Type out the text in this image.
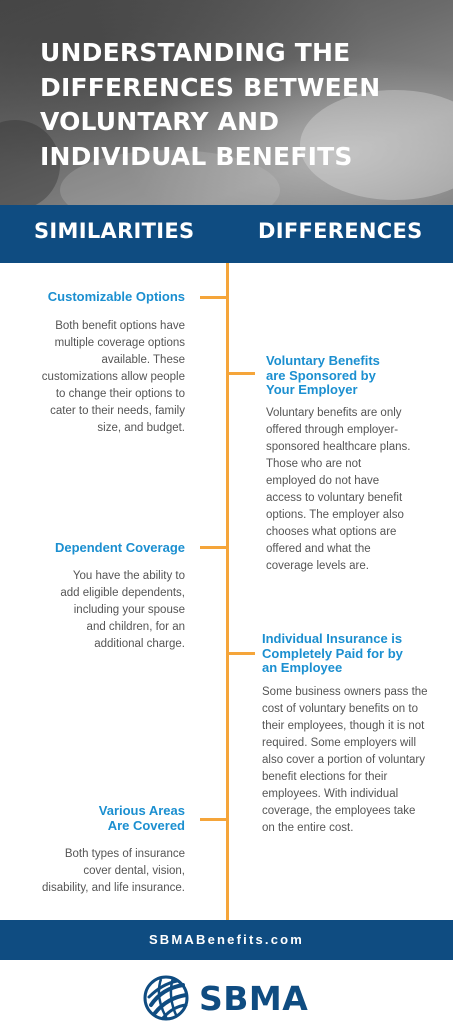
UNDERSTANDING THE
DIFFERENCES BETWEEN
VOLUNTARY AND
INDIVIDUAL BENEFITS
SIMILARITIES	DIFFERENCES
Customizable Options
Both benefit options have
multiple coverage options
available. These
customizations allow people
to change their options to
cater to their needs, family
size, and budget.
Dependent Coverage
You have the ability to
add eligible dependents,
including your spouse
and children, for an
additional charge.
Various Areas
Are Covered
Both types of insurance
cover dental, vision,
disability, and life insurance.
Voluntary Benefits
are Sponsored by
Your Employer
Voluntary benefits are only
offered through employer-
sponsored healthcare plans.
Those who are not
employed do not have
access to voluntary benefit
options. The employer also
chooses what options are
offered and what the
coverage levels are.
Individual Insurance is
Completely Paid for by
an Employee
Some business owners pass the
cost of voluntary benefits on to
their employees, though it is not
required. Some employers will
also cover a portion of voluntary
benefit elections for their
employees. With individual
coverage, the employees take
on the entire cost.
SBMABenefits.com
SBMA
